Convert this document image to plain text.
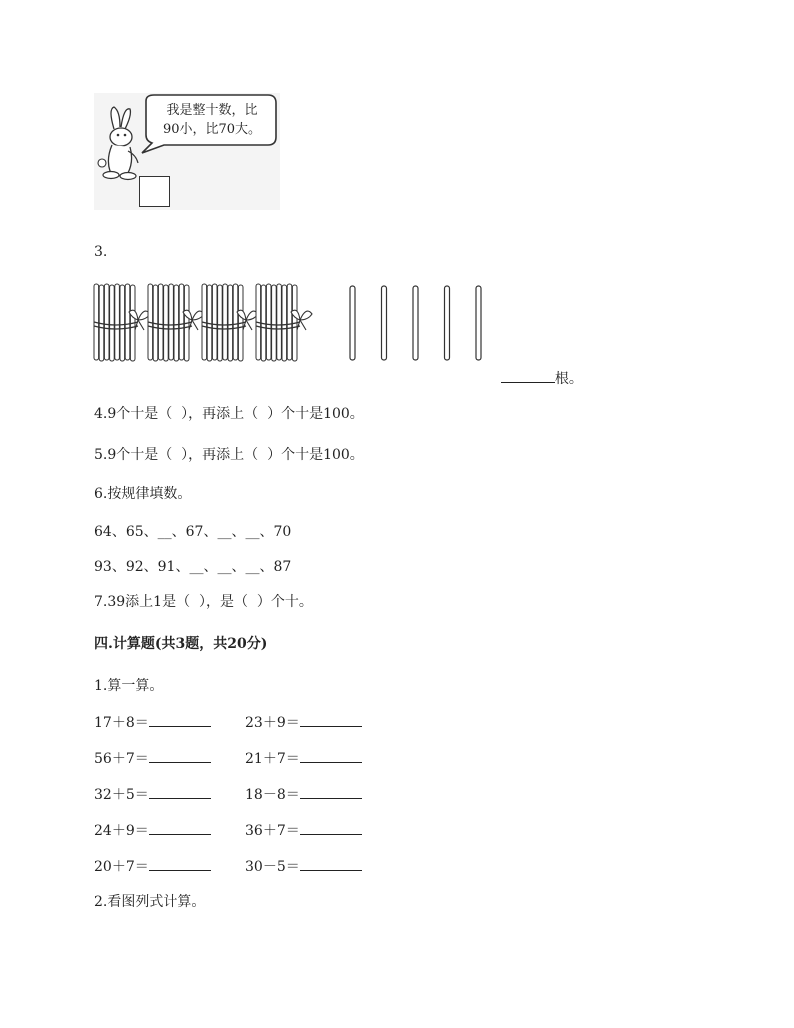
我是整十数，比
90小，比70大。
3.

根。

4.9个十是（  ），再添上（  ）个十是100。
5.9个十是（  ），再添上（  ）个十是100。
6.按规律填数。
64、65、__、67、__、__、70
93、92、91、__、__、__、87
7.39添上1是（  ），是（  ）个十。
四.计算题(共3题，共20分)
1.算一算。
17＋8＝	23＋9＝
56＋7＝	21＋7＝
32＋5＝	18－8＝
24＋9＝	36＋7＝
20＋7＝	30－5＝
2.看图列式计算。
